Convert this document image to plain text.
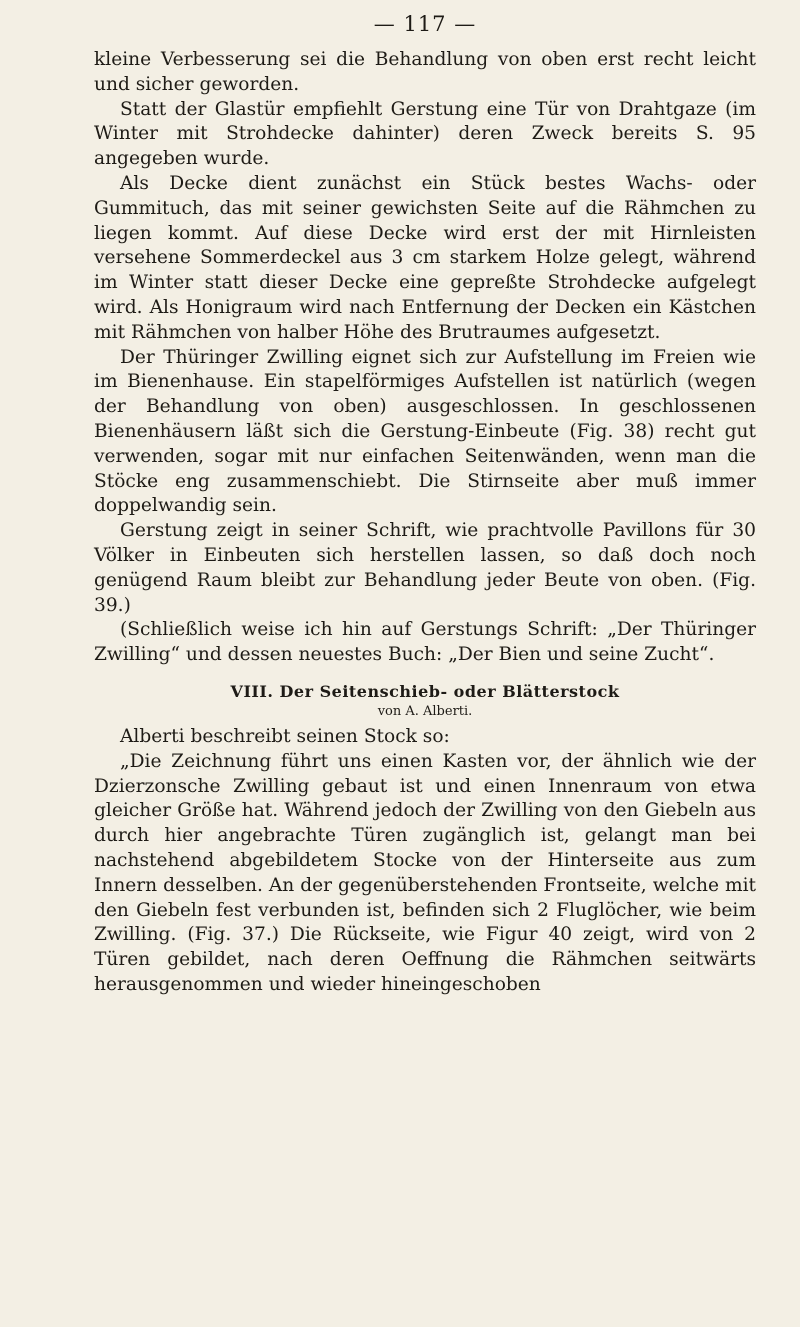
— 117 —

kleine Verbesserung sei die Behandlung von oben erst recht leicht und sicher geworden.

Statt der Glastür empfiehlt Gerstung eine Tür von Drahtgaze (im Winter mit Strohdecke dahinter) deren Zweck bereits S. 95 angegeben wurde.

Als Decke dient zunächst ein Stück bestes Wachs- oder Gummituch, das mit seiner gewichsten Seite auf die Rähmchen zu liegen kommt. Auf diese Decke wird erst der mit Hirnleisten versehene Sommerdeckel aus 3 cm starkem Holze gelegt, während im Winter statt dieser Decke eine gepreßte Strohdecke aufgelegt wird. Als Honigraum wird nach Entfernung der Decken ein Kästchen mit Rähmchen von halber Höhe des Brutraumes aufgesetzt.

Der Thüringer Zwilling eignet sich zur Aufstellung im Freien wie im Bienenhause. Ein stapelförmiges Aufstellen ist natürlich (wegen der Behandlung von oben) ausgeschlossen. In geschlossenen Bienenhäusern läßt sich die Gerstung-Einbeute (Fig. 38) recht gut verwenden, sogar mit nur einfachen Seitenwänden, wenn man die Stöcke eng zusammenschiebt. Die Stirnseite aber muß immer doppelwandig sein.

Gerstung zeigt in seiner Schrift, wie prachtvolle Pavillons für 30 Völker in Einbeuten sich herstellen lassen, so daß doch noch genügend Raum bleibt zur Behandlung jeder Beute von oben. (Fig. 39.)

(Schließlich weise ich hin auf Gerstungs Schrift: „Der Thüringer Zwilling“ und dessen neuestes Buch: „Der Bien und seine Zucht“.

VIII. Der Seitenschieb- oder Blätterstock
von A. Alberti.

Alberti beschreibt seinen Stock so:

„Die Zeichnung führt uns einen Kasten vor, der ähnlich wie der Dzierzonsche Zwilling gebaut ist und einen Innenraum von etwa gleicher Größe hat. Während jedoch der Zwilling von den Giebeln aus durch hier angebrachte Türen zugänglich ist, gelangt man bei nachstehend abgebildetem Stocke von der Hinterseite aus zum Innern desselben. An der gegenüberstehenden Frontseite, welche mit den Giebeln fest verbunden ist, befinden sich 2 Fluglöcher, wie beim Zwilling. (Fig. 37.) Die Rückseite, wie Figur 40 zeigt, wird von 2 Türen gebildet, nach deren Oeffnung die Rähmchen seitwärts herausgenommen und wieder hineingeschoben
